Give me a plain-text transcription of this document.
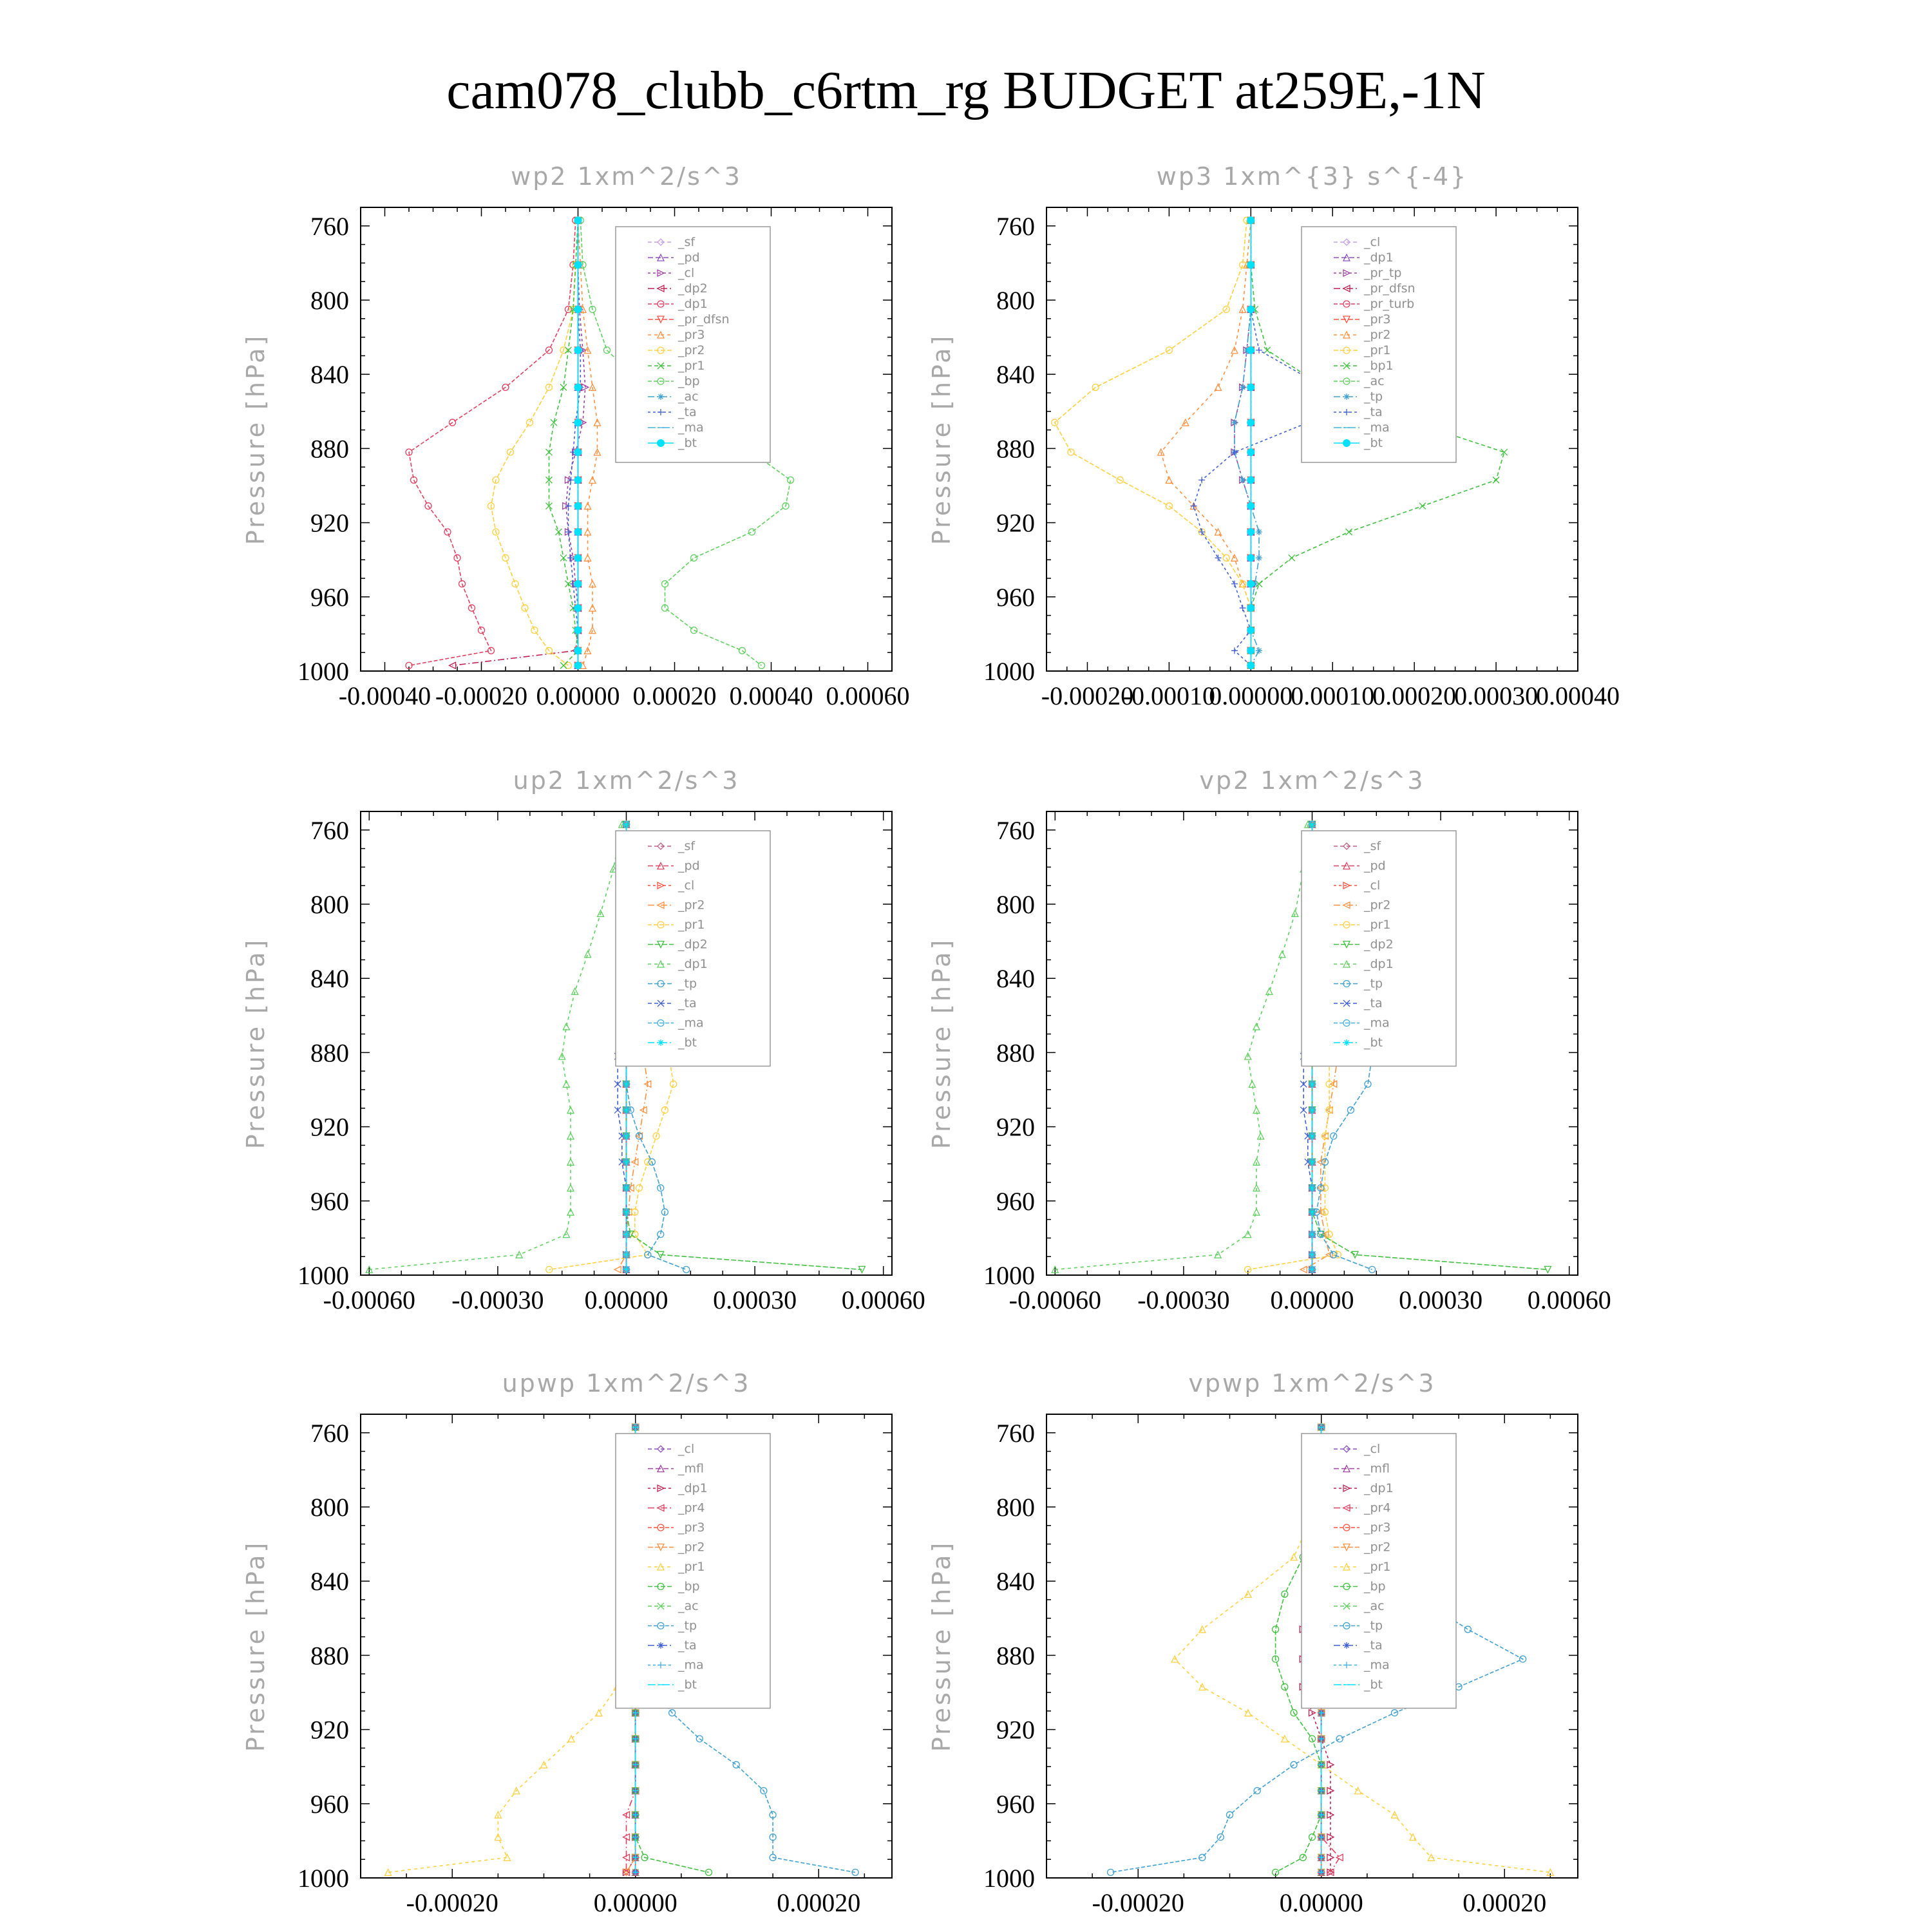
cam078_clubb_c6rtm_rg BUDGET at259E,-1N
wp2 1xm^2/s^3
Pressure [hPa]
760
800
840
880
920
960
1000
-0.00040 -0.00020 0.00000 0.00020 0.00040 0.00060
_sf
_pd
_cl
_dp2
_dp1
_pr_dfsn
_pr3
_pr2
_pr1
_bp
_ac
_ta
_ma
_bt
wp3 1xm^{3} s^{-4}
Pressure [hPa]
760
800
840
880
920
960
1000
-0.00020
-0.00010
0.00000
0.00010
0.00020
0.00030
0.00040
_cl
_dp1
_pr_tp
_pr_dfsn
_pr_turb
_pr3
_pr2
_pr1
_bp1
_ac
_tp
_ta
_ma
_bt
up2 1xm^2/s^3
Pressure [hPa]
760
800
840
880
920
960
1000
-0.00060 -0.00030 0.00000 0.00030 0.00060
_sf
_pd
_cl
_pr2
_pr1
_dp2
_dp1
_tp
_ta
_ma
_bt
vp2 1xm^2/s^3
Pressure [hPa]
760
800
840
880
920
960
1000
-0.00060 -0.00030 0.00000 0.00030 0.00060
_sf
_pd
_cl
_pr2
_pr1
_dp2
_dp1
_tp
_ta
_ma
_bt
upwp 1xm^2/s^3
Pressure [hPa]
760
800
840
880
920
960
1000
-0.00020	0.00000	0.00020
_cl
_mfl
_dp1
_pr4
_pr3
_pr2
_pr1
_bp
_ac
_tp
_ta
_ma
_bt
vpwp 1xm^2/s^3
Pressure [hPa]
760
800
840
880
920
960
1000
-0.00020	0.00000	0.00020
_cl
_mfl
_dp1
_pr4
_pr3
_pr2
_pr1
_bp
_ac
_tp
_ta
_ma
_bt
